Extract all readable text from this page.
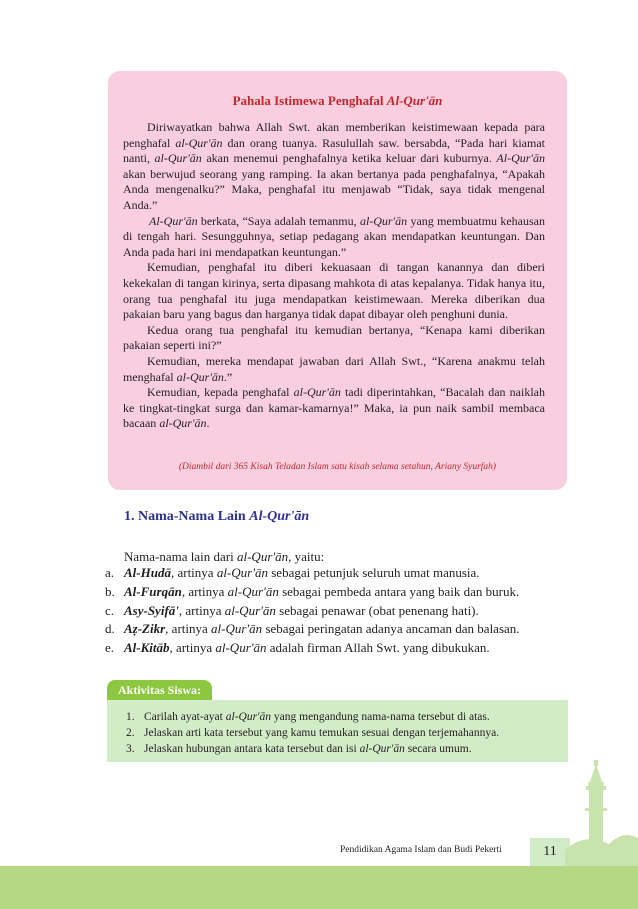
Pahala Istimewa Penghafal Al-Qur'ān

Diriwayatkan bahwa Allah Swt. akan memberikan keistimewaan kepada para penghafal al-Qur'ān dan orang tuanya. Rasulullah saw. bersabda, “Pada hari kiamat nanti, al-Qur'ān akan menemui penghafalnya ketika keluar dari kuburnya. Al-Qur'ān akan berwujud seorang yang ramping. Ia akan bertanya pada penghafalnya, “Apakah Anda mengenalku?” Maka, penghafal itu menjawab “Tidak, saya tidak mengenal Anda.”

Al-Qur'ān berkata, “Saya adalah temanmu, al-Qur'ān yang membuatmu kehausan di tengah hari. Sesungguhnya, setiap pedagang akan mendapatkan keuntungan. Dan Anda pada hari ini mendapatkan keuntungan.”

Kemudian, penghafal itu diberi kekuasaan di tangan kanannya dan diberi kekekalan di tangan kirinya, serta dipasang mahkota di atas kepalanya. Tidak hanya itu, orang tua penghafal itu juga mendapatkan keistimewaan. Mereka diberikan dua pakaian baru yang bagus dan harganya tidak dapat dibayar oleh penghuni dunia.

Kedua orang tua penghafal itu kemudian bertanya, “Kenapa kami diberikan pakaian seperti ini?”

Kemudian, mereka mendapat jawaban dari Allah Swt., “Karena anakmu telah menghafal al-Qur'ān.”

Kemudian, kepada penghafal al-Qur'ān tadi diperintahkan, “Bacalah dan naiklah ke tingkat-tingkat surga dan kamar-kamarnya!” Maka, ia pun naik sambil membaca bacaan al-Qur'ān.

(Diambil dari 365 Kisah Teladan Islam satu kisah selama setahun, Ariany Syurfah)
1. Nama-Nama Lain Al-Qur'ān
Nama-nama lain dari al-Qur'ān, yaitu:
a. Al-Hudā, artinya al-Qur'ān sebagai petunjuk seluruh umat manusia.
b. Al-Furqān, artinya al-Qur'ān sebagai pembeda antara yang baik dan buruk.
c. Asy-Syifā', artinya al-Qur'ān sebagai penawar (obat penenang hati).
d. Aẓ-Zikr, artinya al-Qur'ān sebagai peringatan adanya ancaman dan balasan.
e. Al-Kitāb, artinya al-Qur'ān adalah firman Allah Swt. yang dibukukan.
Aktivitas Siswa:
1.Carilah ayat-ayat al-Qur'ān yang mengandung nama-nama tersebut di atas.
2.Jelaskan arti kata tersebut yang kamu temukan sesuai dengan terjemahannya.
3.Jelaskan hubungan antara kata tersebut dan isi al-Qur'ān secara umum.
Pendidikan Agama Islam dan Budi Pekerti	11
